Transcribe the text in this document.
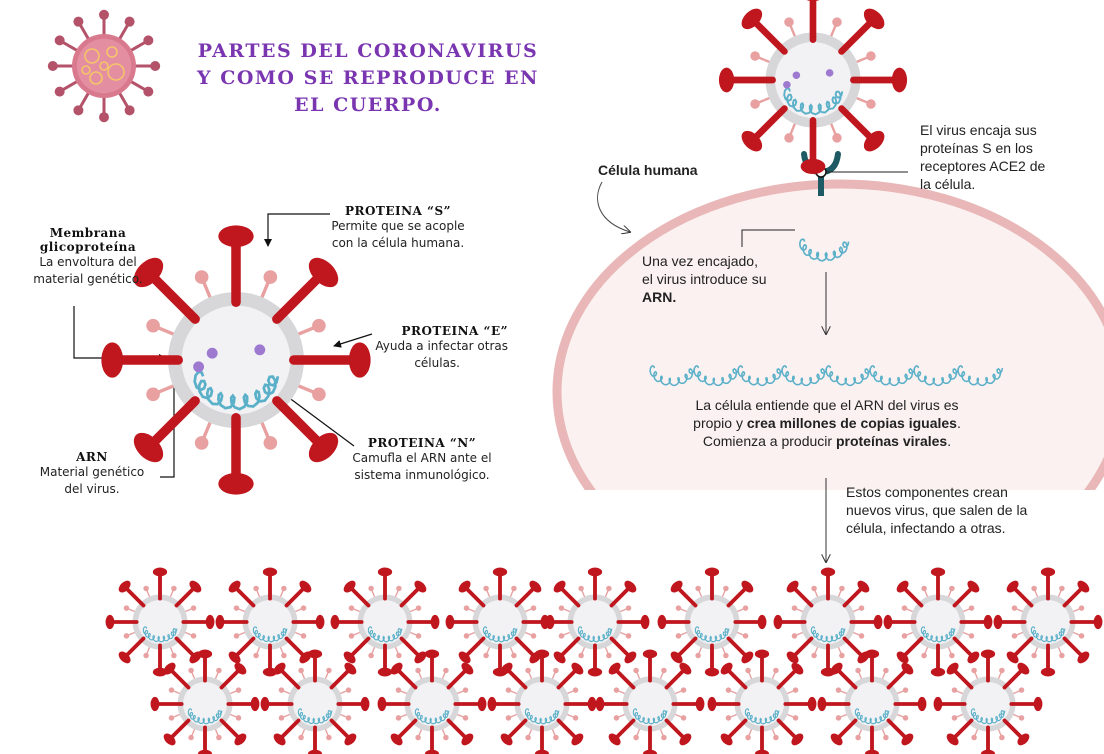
PARTES DEL CORONAVIRUS
Y COMO SE REPRODUCE EN
EL CUERPO.
Membrana
glicoproteína
La envoltura del
material genético.
PROTEINA “S”
Permite que se acople
con la célula humana.
PROTEINA “E”
Ayuda a infectar otras
células.
PROTEINA “N”
Camufla el ARN ante el
sistema inmunológico.
ARN
Material genético
del virus.
Célula humana
El virus encaja sus
proteínas S en los
receptores ACE2 de
la célula.
Una vez encajado,
el virus introduce su
ARN.
La célula entiende que el ARN del virus es
propio y crea millones de copias iguales.
Comienza a producir proteínas virales.
Estos componentes crean
nuevos virus, que salen de la
célula, infectando a otras.
